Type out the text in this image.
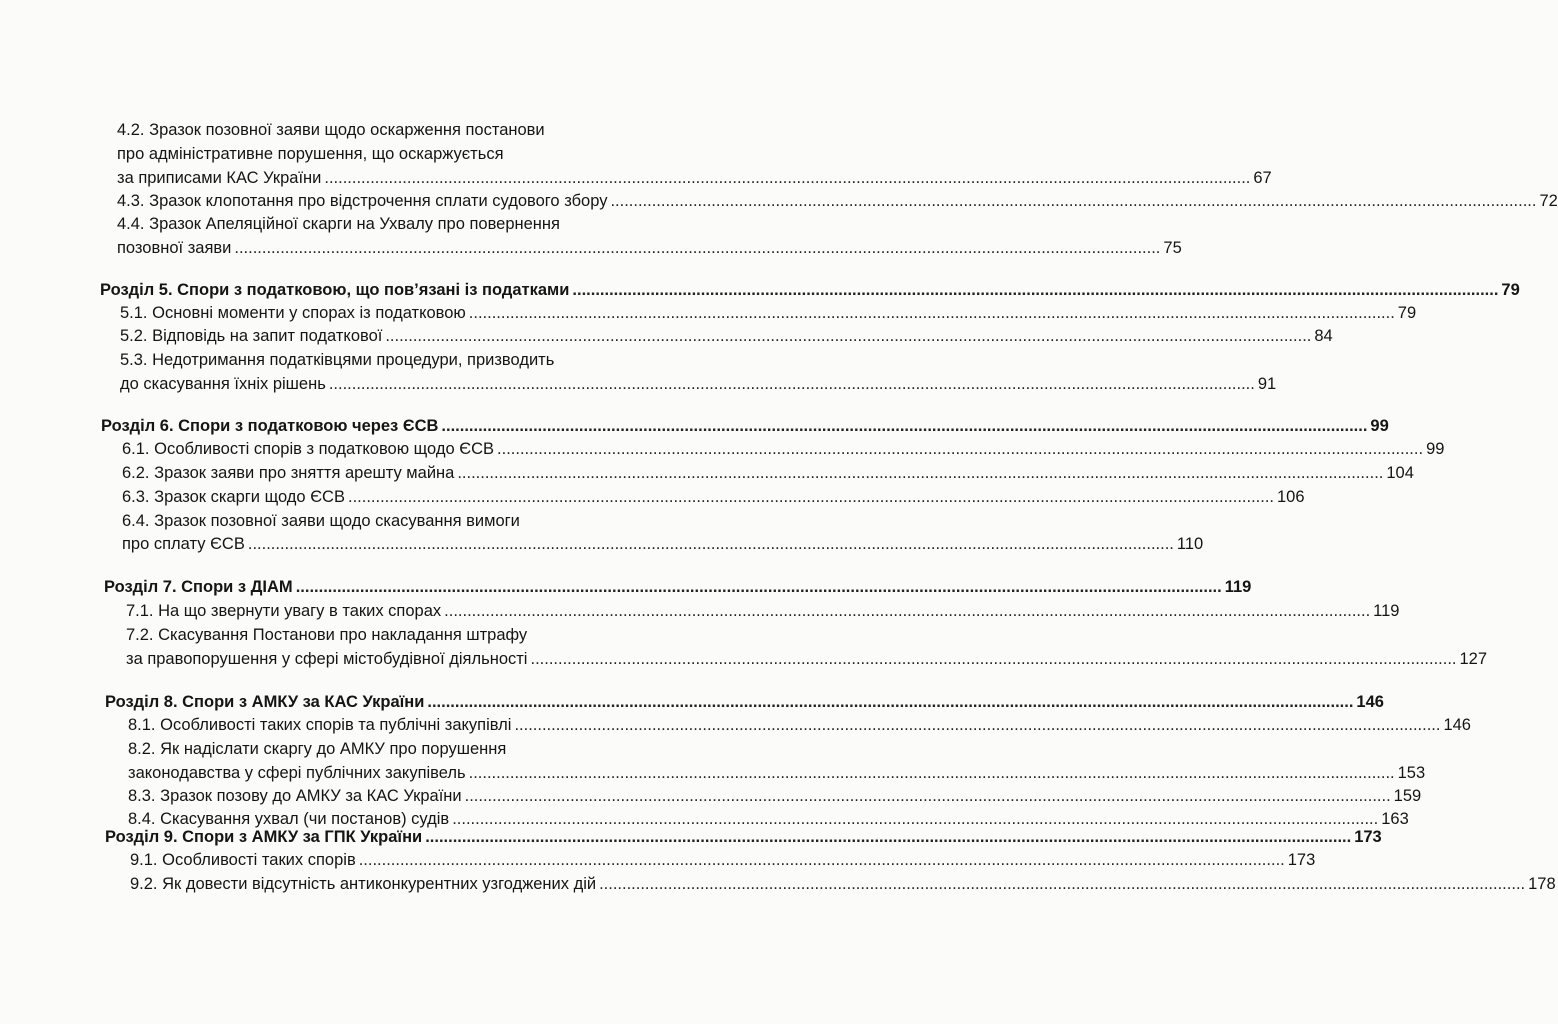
4.2. Зразок позовної заяви щодо оскарження постанови
про адміністративне порушення, що оскаржується
за приписами КАС України .....	67
4.3. Зразок клопотання про відстрочення сплати судового збору .....	72
4.4. Зразок Апеляційної скарги на Ухвалу про повернення
позовної заяви .....	75
Розділ 5. Спори з податковою, що пов’язані із податками .....	79
5.1. Основні моменти у спорах із податковою .....	79
5.2. Відповідь на запит податкової .....	84
5.3. Недотримання податківцями процедури, призводить
до скасування їхніх рішень .....	91
Розділ 6. Спори з податковою через ЄСВ .....	99
6.1. Особливості спорів з податковою щодо ЄСВ .....	99
6.2. Зразок заяви про зняття арешту майна .....	104
6.3. Зразок скарги щодо ЄСВ .....	106
6.4. Зразок позовної заяви щодо скасування вимоги
про сплату ЄСВ .....	110
Розділ 7. Спори з ДІАМ .....	119
7.1. На що звернути увагу в таких спорах .....	119
7.2. Скасування Постанови про накладання штрафу
за правопорушення у сфері містобудівної діяльності .....	127
Розділ 8. Спори з АМКУ за КАС України .....	146
8.1. Особливості таких спорів та публічні закупівлі .....	146
8.2. Як надіслати скаргу до АМКУ про порушення
законодавства у сфері публічних закупівель .....	153
8.3. Зразок позову до АМКУ за КАС України .....	159
8.4. Скасування ухвал (чи постанов) судів .....	163
Розділ 9. Спори з АМКУ за ГПК України .....	173
9.1. Особливості таких спорів .....	173
9.2. Як довести відсутність антиконкурентних узгоджених дій .....	178
